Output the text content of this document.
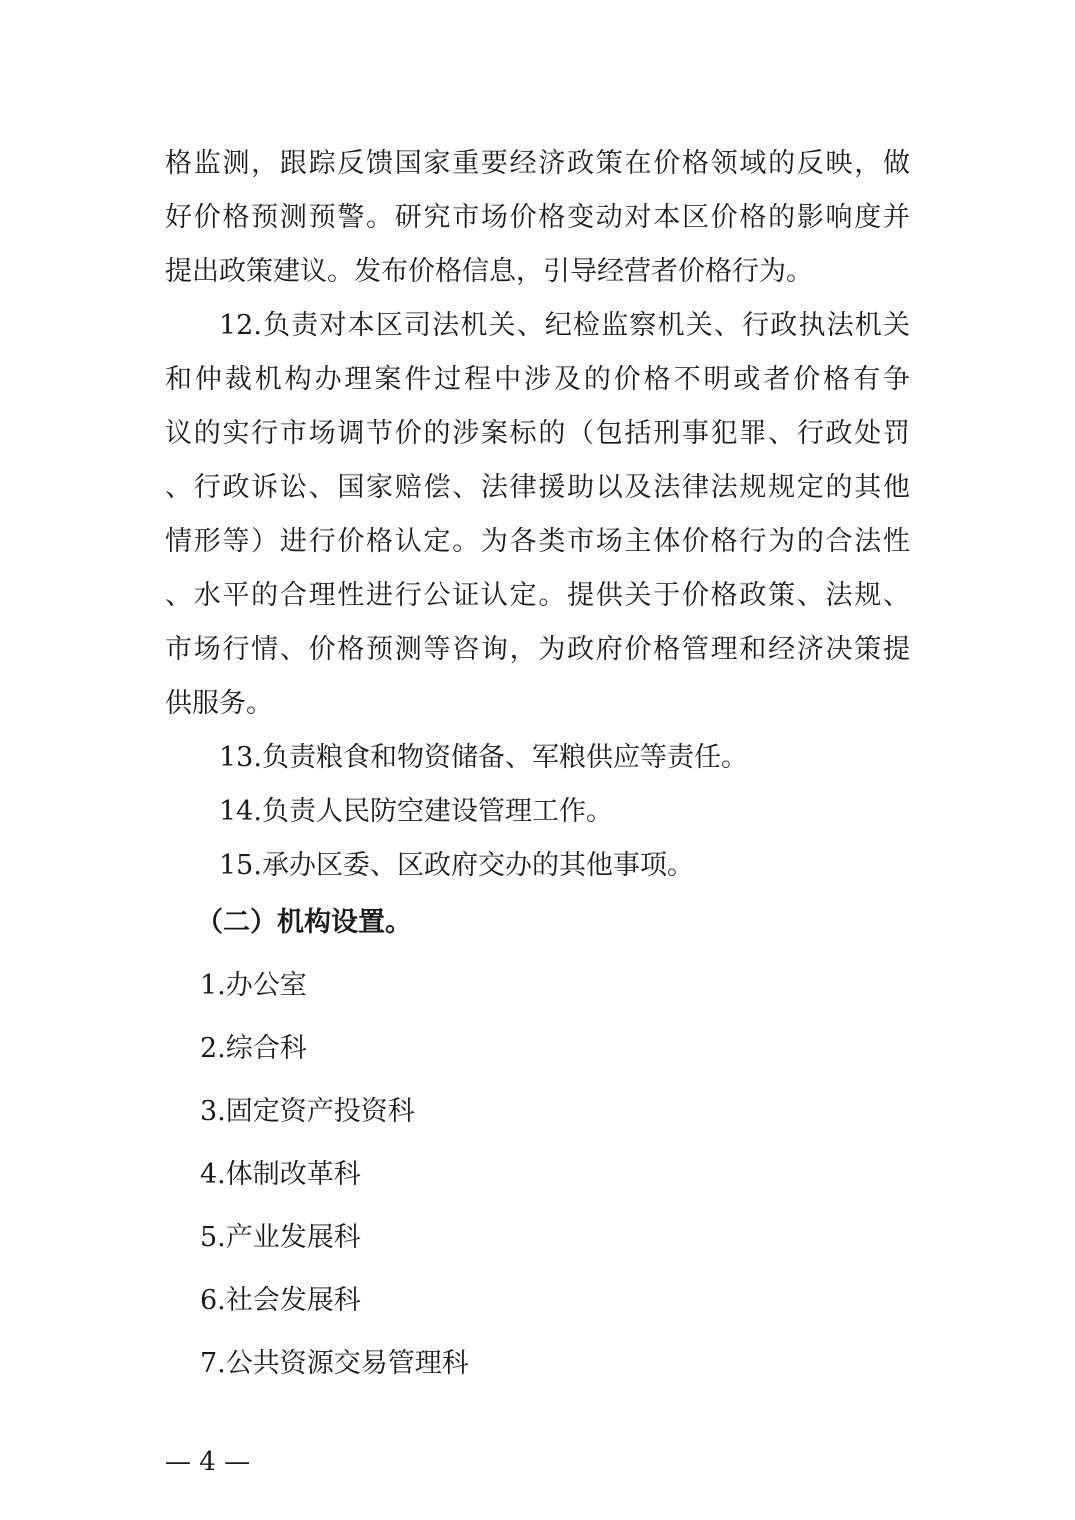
格监测，跟踪反馈国家重要经济政策在价格领域的反映，做
好价格预测预警。研究市场价格变动对本区价格的影响度并
提出政策建议。发布价格信息，引导经营者价格行为。
12.负责对本区司法机关、纪检监察机关、行政执法机关
和仲裁机构办理案件过程中涉及的价格不明或者价格有争
议的实行市场调节价的涉案标的（包括刑事犯罪、行政处罚
、行政诉讼、国家赔偿、法律援助以及法律法规规定的其他
情形等）进行价格认定。为各类市场主体价格行为的合法性
、水平的合理性进行公证认定。提供关于价格政策、法规、
市场行情、价格预测等咨询，为政府价格管理和经济决策提
供服务。
13.负责粮食和物资储备、军粮供应等责任。
14.负责人民防空建设管理工作。
15.承办区委、区政府交办的其他事项。
（二）机构设置。
1.办公室
2.综合科
3.固定资产投资科
4.体制改革科
5.产业发展科
6.社会发展科
7.公共资源交易管理科
— 4 —
